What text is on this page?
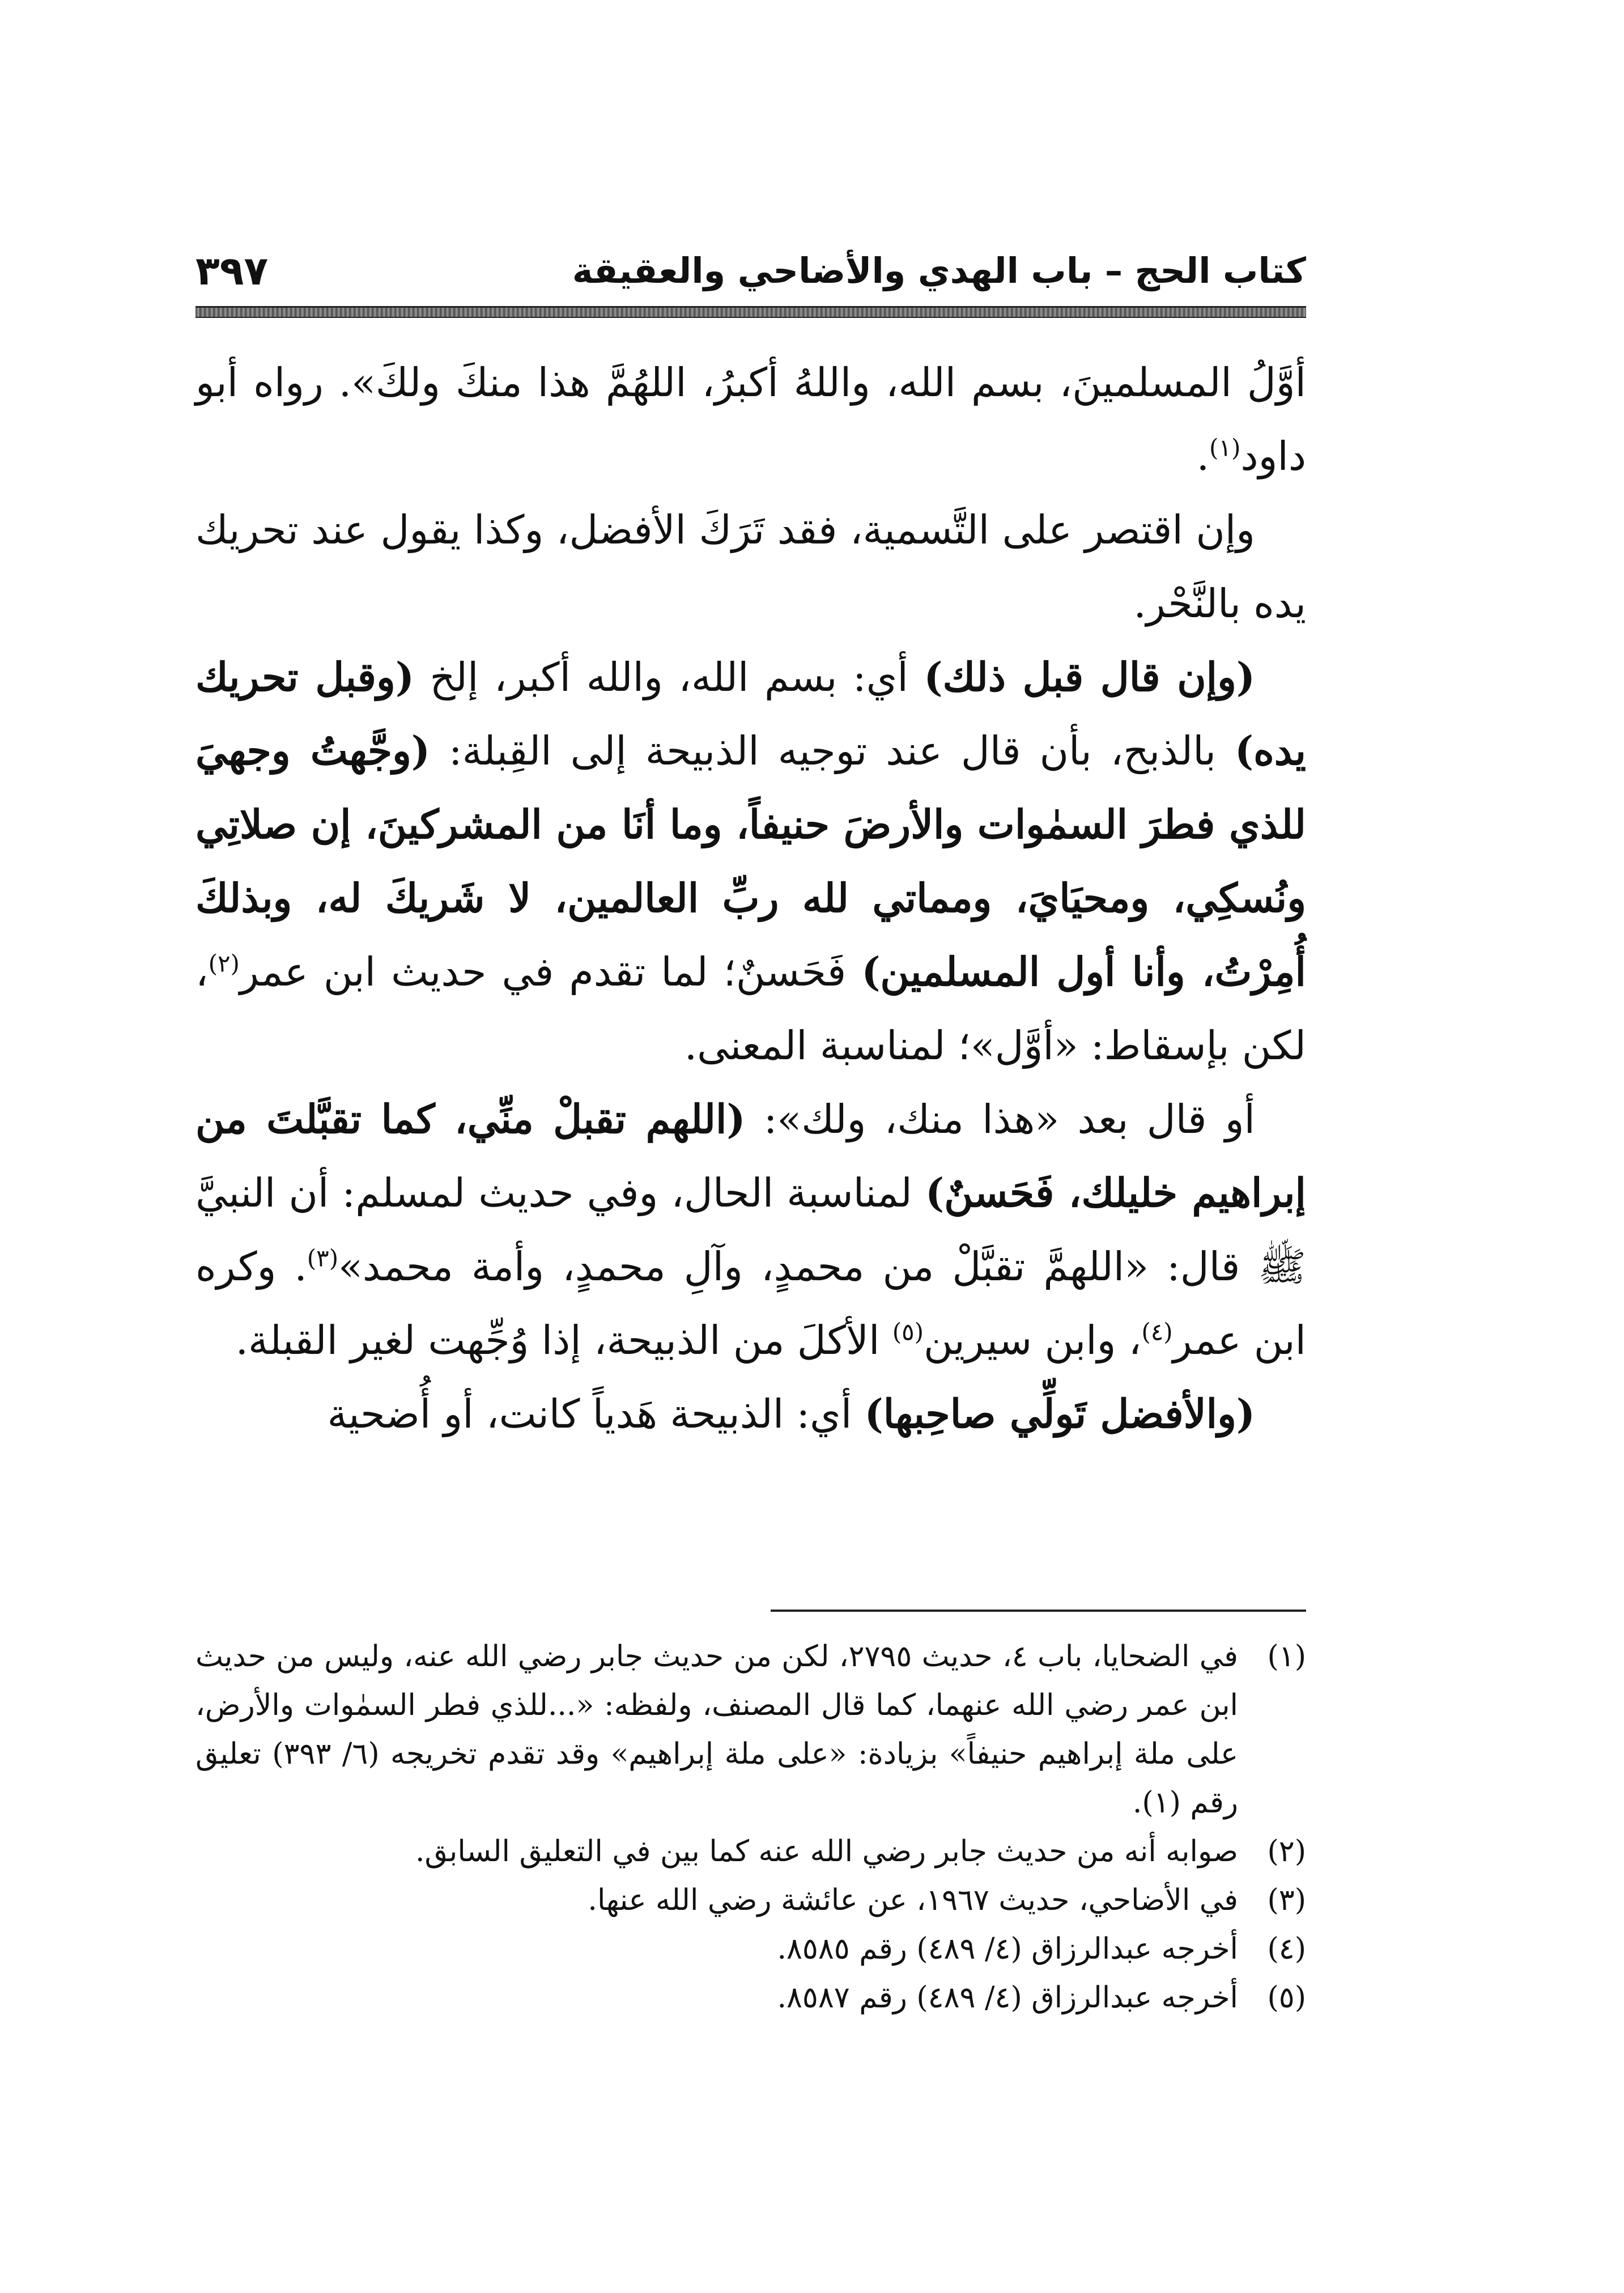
كتاب الحج – باب الهدي والأضاحي والعقيقة
٣٩٧

أوَّلُ المسلمينَ، بسم الله، واللهُ أكبرُ، اللهُمَّ هذا منكَ ولكَ». رواه أبو داود$^{(١)}$.

وإن اقتصر على التَّسمية، فقد تَرَكَ الأفضل، وكذا يقول عند تحريك يده بالنَّحْر.

(وإن قال قبل ذلك) أي: بسم الله، والله أكبر، إلخ (وقبل تحريك يده) بالذبح، بأن قال عند توجيه الذبيحة إلى القِبلة: (وجَّهتُ وجهيَ للذي فطرَ السمٰوات والأرضَ حنيفاً، وما أنَا من المشركينَ، إن صلاتِي ونُسكِي، ومحيَايَ، ومماتي لله ربِّ العالمين، لا شَريكَ له، وبذلكَ أُمِرْتُ، وأنا أول المسلمين) فَحَسنٌ؛ لما تقدم في حديث ابن عمر$^{(٢)}$، لكن بإسقاط: «أوَّل»؛ لمناسبة المعنى.

أو قال بعد «هذا منك، ولك»: (اللهم تقبلْ منِّي، كما تقبَّلتَ من إبراهيم خليلك، فَحَسنٌ) لمناسبة الحال، وفي حديث لمسلم: أن النبيَّ ﷺ قال: «اللهمَّ تقبَّلْ من محمدٍ، وآلِ محمدٍ، وأمة محمد»$^{(٣)}$. وكره ابن عمر$^{(٤)}$، وابن سيرين$^{(٥)}$ الأكلَ من الذبيحة، إذا وُجِّهت لغير القبلة.

(والأفضل تَولِّي صاحِبها) أي: الذبيحة هَدياً كانت، أو أُضحية

(١)في الضحايا، باب ٤، حديث ٢٧٩٥، لكن من حديث جابر رضي الله عنه، وليس من حديث ابن عمر رضي الله عنهما، كما قال المصنف، ولفظه: «...للذي فطر السمٰوات والأرض، على ملة إبراهيم حنيفاً» بزيادة: «على ملة إبراهيم» وقد تقدم تخريجه (٦/ ٣٩٣) تعليق رقم (١).

(٢)صوابه أنه من حديث جابر رضي الله عنه كما بين في التعليق السابق.

(٣)في الأضاحي، حديث ١٩٦٧، عن عائشة رضي الله عنها.

(٤)أخرجه عبدالرزاق (٤/ ٤٨٩) رقم ٨٥٨٥.

(٥)أخرجه عبدالرزاق (٤/ ٤٨٩) رقم ٨٥٨٧.
